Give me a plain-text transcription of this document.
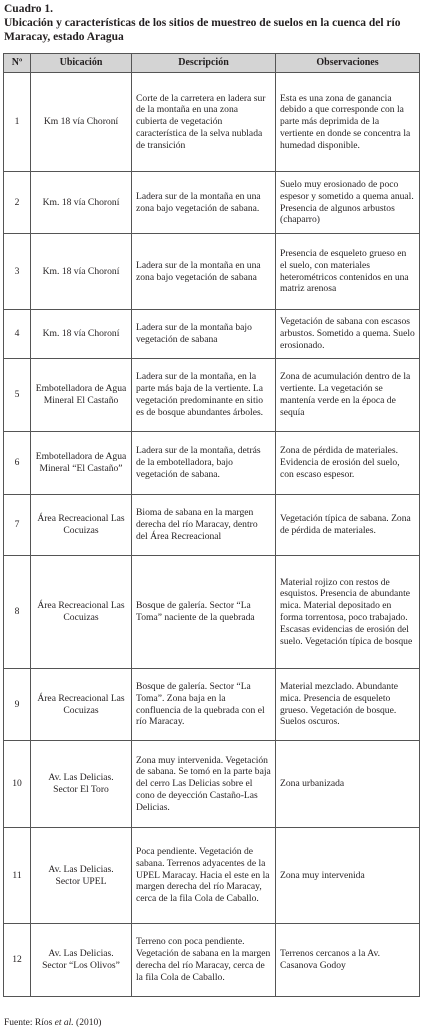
Cuadro 1.
Ubicación y características de los sitios de muestreo de suelos en la cuenca del río Maracay, estado Aragua
Nº	Ubicación	Descripción	Observaciones
1	Km 18 vía Choroní	Corte de la carretera en ladera sur de la montaña en una zona cubierta de vegetación característica de la selva nublada de transición	Esta es una zona de ganancia debido a que corresponde con la parte más deprimida de la vertiente en donde se concentra la humedad disponible.
2	Km. 18 vía Choroní	Ladera sur de la montaña en una zona bajo vegetación de sabana.	Suelo muy erosionado de poco espesor y sometido a quema anual. Presencia de algunos arbustos (chaparro)
3	Km. 18 vía Choroní	Ladera sur de la montaña en una zona bajo vegetación de sabana	Presencia de esqueleto grueso en el suelo, con materiales heterométricos contenidos en una matriz arenosa
4	Km. 18 vía Choroní	Ladera sur de la montaña bajo vegetación de sabana	Vegetación de sabana con escasos arbustos. Sometido a quema. Suelo erosionado.
5	Embotelladora de Agua Mineral El Castaño	Ladera sur de la montaña, en la parte más baja de la vertiente. La vegetación predominante en sitio es de bosque abundantes árboles.	Zona de acumulación dentro de la vertiente. La vegetación se mantenía verde en la época de sequía
6	Embotelladora de Agua Mineral “El Castaño”	Ladera sur de la montaña, detrás de la embotelladora, bajo vegetación de sabana.	Zona de pérdida de materiales. Evidencia de erosión del suelo, con escaso espesor.
7	Área Recreacional Las Cocuizas	Bioma de sabana en la margen derecha del río Maracay, dentro del Área Recreacional	Vegetación típica de sabana. Zona de pérdida de materiales.
8	Área Recreacional Las Cocuizas	Bosque de galería. Sector “La Toma” naciente de la quebrada	Material rojizo con restos de esquistos. Presencia de abundante mica. Material depositado en forma torrentosa, poco trabajado. Escasas evidencias de erosión del suelo. Vegetación típica de bosque
9	Área Recreacional Las Cocuizas	Bosque de galería. Sector “La Toma”. Zona baja en la confluencia de la quebrada con el río Maracay.	Material mezclado. Abundante mica. Presencia de esqueleto grueso. Vegetación de bosque. Suelos oscuros.
10	Av. Las Delicias. Sector El Toro	Zona muy intervenida. Vegetación de sabana. Se tomó en la parte baja del cerro Las Delicias sobre el cono de deyección Castaño-Las Delicias.	Zona urbanizada
11	Av. Las Delicias. Sector UPEL	Poca pendiente. Vegetación de sabana. Terrenos adyacentes de la UPEL Maracay. Hacia el este en la margen derecha del río Maracay, cerca de la fila Cola de Caballo.	Zona muy intervenida
12	Av. Las Delicias. Sector “Los Olivos”	Terreno con poca pendiente. Vegetación de sabana en la margen derecha del río Maracay, cerca de la fila Cola de Caballo.	Terrenos cercanos a la Av. Casanova Godoy
Fuente: Ríos et al. (2010)
